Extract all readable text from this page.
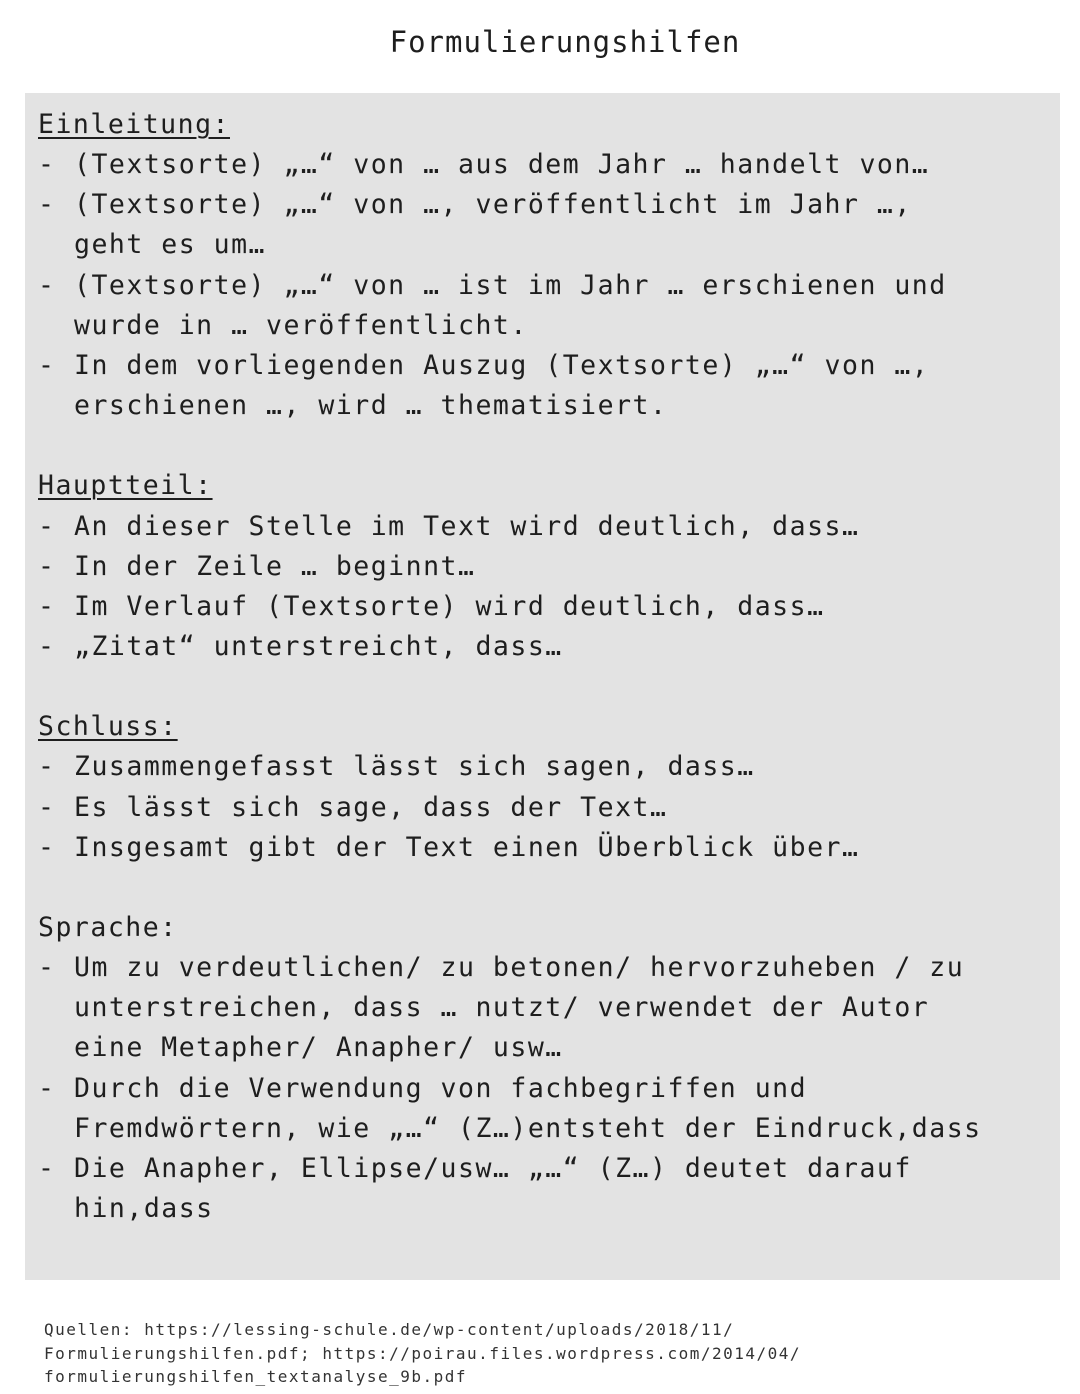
Formulierungshilfen
Einleitung:
- (Textsorte) „…“ von … aus dem Jahr … handelt von…
- (Textsorte) „…“ von …, veröffentlicht im Jahr …,
geht es um…
- (Textsorte) „…“ von … ist im Jahr … erschienen und
wurde in … veröffentlicht.
- In dem vorliegenden Auszug (Textsorte) „…“ von …,
erschienen …, wird … thematisiert.
Hauptteil:
- An dieser Stelle im Text wird deutlich, dass…
- In der Zeile … beginnt…
- Im Verlauf (Textsorte) wird deutlich, dass…
- „Zitat“ unterstreicht, dass…
Schluss:
- Zusammengefasst lässt sich sagen, dass…
- Es lässt sich sage, dass der Text…
- Insgesamt gibt der Text einen Überblick über…
Sprache:
- Um zu verdeutlichen/ zu betonen/ hervorzuheben / zu
unterstreichen, dass … nutzt/ verwendet der Autor
eine Metapher/ Anapher/ usw…
- Durch die Verwendung von fachbegriffen und
Fremdwörtern, wie „…“ (Z…)entsteht der Eindruck,dass
- Die Anapher, Ellipse/usw… „…“ (Z…) deutet darauf
hin,dass
Quellen: https://lessing-schule.de/wp-content/uploads/2018/11/
Formulierungshilfen.pdf; https://poirau.files.wordpress.com/2014/04/
formulierungshilfen_textanalyse_9b.pdf
